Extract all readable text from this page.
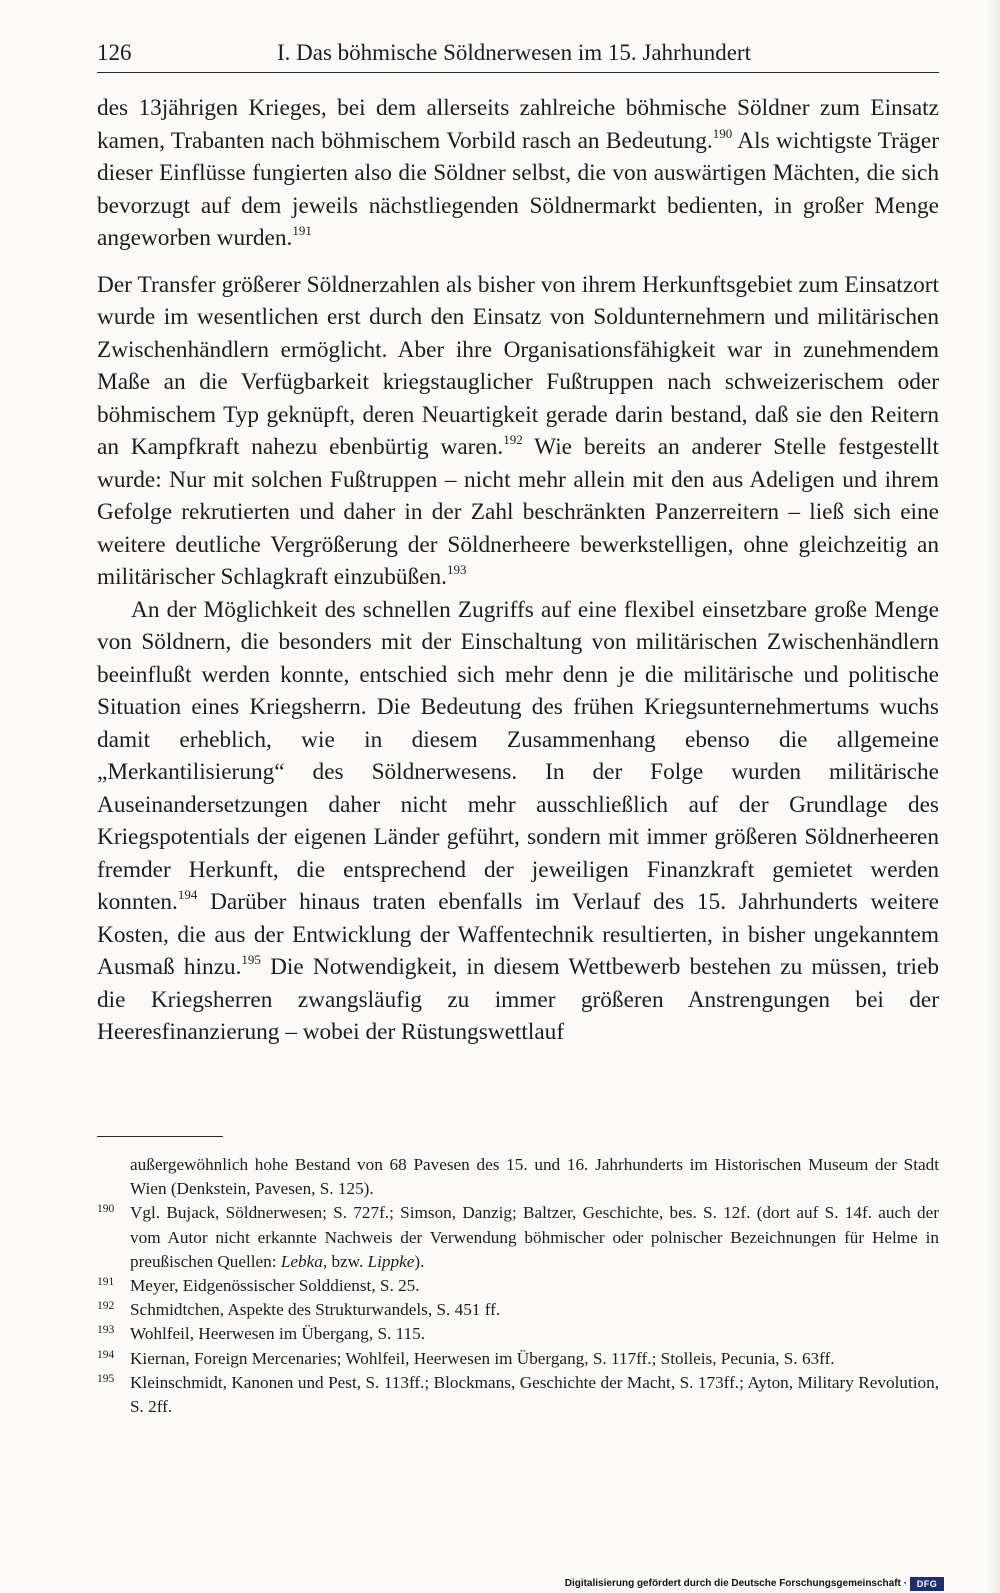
126	I. Das böhmische Söldnerwesen im 15. Jahrhundert

des 13jährigen Krieges, bei dem allerseits zahlreiche böhmische Söldner zum Einsatz kamen, Trabanten nach böhmischem Vorbild rasch an Bedeutung.$^{190}$ Als wichtigste Träger dieser Einflüsse fungierten also die Söldner selbst, die von auswärtigen Mächten, die sich bevorzugt auf dem jeweils nächstliegenden Söldnermarkt bedienten, in großer Menge angeworben wurden.$^{191}$

Der Transfer größerer Söldnerzahlen als bisher von ihrem Herkunftsgebiet zum Einsatzort wurde im wesentlichen erst durch den Einsatz von Soldunternehmern und militärischen Zwischenhändlern ermöglicht. Aber ihre Organisationsfähigkeit war in zunehmendem Maße an die Verfügbarkeit kriegstauglicher Fußtruppen nach schweizerischem oder böhmischem Typ geknüpft, deren Neuartigkeit gerade darin bestand, daß sie den Reitern an Kampfkraft nahezu ebenbürtig waren.$^{192}$ Wie bereits an anderer Stelle festgestellt wurde: Nur mit solchen Fußtruppen – nicht mehr allein mit den aus Adeligen und ihrem Gefolge rekrutierten und daher in der Zahl beschränkten Panzerreitern – ließ sich eine weitere deutliche Vergrößerung der Söldnerheere bewerkstelligen, ohne gleichzeitig an militärischer Schlagkraft einzubüßen.$^{193}$

An der Möglichkeit des schnellen Zugriffs auf eine flexibel einsetzbare große Menge von Söldnern, die besonders mit der Einschaltung von militärischen Zwischenhändlern beeinflußt werden konnte, entschied sich mehr denn je die militärische und politische Situation eines Kriegsherrn. Die Bedeutung des frühen Kriegsunternehmertums wuchs damit erheblich, wie in diesem Zusammenhang ebenso die allgemeine „Merkantilisierung“ des Söldnerwesens. In der Folge wurden militärische Auseinandersetzungen daher nicht mehr ausschließlich auf der Grundlage des Kriegspotentials der eigenen Länder geführt, sondern mit immer größeren Söldnerheeren fremder Herkunft, die entsprechend der jeweiligen Finanzkraft gemietet werden konnten.$^{194}$ Darüber hinaus traten ebenfalls im Verlauf des 15. Jahrhunderts weitere Kosten, die aus der Entwicklung der Waffentechnik resultierten, in bisher ungekanntem Ausmaß hinzu.$^{195}$ Die Notwendigkeit, in diesem Wettbewerb bestehen zu müssen, trieb die Kriegsherren zwangsläufig zu immer größeren Anstrengungen bei der Heeresfinanzierung – wobei der Rüstungswettlauf

außergewöhnlich hohe Bestand von 68 Pavesen des 15. und 16. Jahrhunderts im Historischen Museum der Stadt Wien (Denkstein, Pavesen, S. 125).

190 Vgl. Bujack, Söldnerwesen; S. 727f.; Simson, Danzig; Baltzer, Geschichte, bes. S. 12f. (dort auf S. 14f. auch der vom Autor nicht erkannte Nachweis der Verwendung böhmischer oder polnischer Bezeichnungen für Helme in preußischen Quellen: Lebka, bzw. Lippke).

191 Meyer, Eidgenössischer Solddienst, S. 25.

192 Schmidtchen, Aspekte des Strukturwandels, S. 451 ff.

193 Wohlfeil, Heerwesen im Übergang, S. 115.

194 Kiernan, Foreign Mercenaries; Wohlfeil, Heerwesen im Übergang, S. 117ff.; Stolleis, Pecunia, S. 63ff.

195 Kleinschmidt, Kanonen und Pest, S. 113ff.; Blockmans, Geschichte der Macht, S. 173ff.; Ayton, Military Revolution, S. 2ff.

Digitalisierung gefördert durch die Deutsche Forschungsgemeinschaft ·	DFG
